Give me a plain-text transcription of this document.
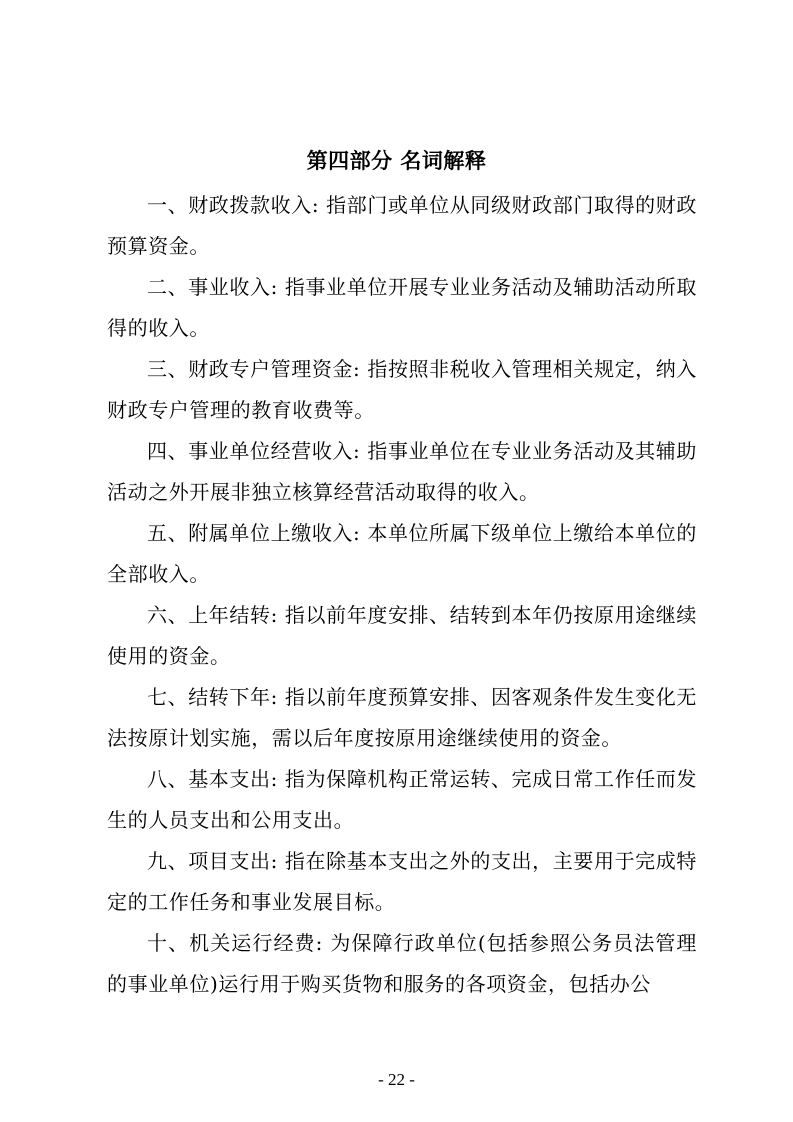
第四部分 名词解释

一、财政拨款收入: 指部门或单位从同级财政部门取得的财政预算资金。

二、事业收入: 指事业单位开展专业业务活动及辅助活动所取得的收入。

三、财政专户管理资金: 指按照非税收入管理相关规定，纳入财政专户管理的教育收费等。

四、事业单位经营收入: 指事业单位在专业业务活动及其辅助活动之外开展非独立核算经营活动取得的收入。

五、附属单位上缴收入: 本单位所属下级单位上缴给本单位的全部收入。

六、上年结转: 指以前年度安排、结转到本年仍按原用途继续使用的资金。

七、结转下年: 指以前年度预算安排、因客观条件发生变化无法按原计划实施，需以后年度按原用途继续使用的资金。

八、基本支出: 指为保障机构正常运转、完成日常工作任而发生的人员支出和公用支出。

九、项目支出: 指在除基本支出之外的支出，主要用于完成特定的工作任务和事业发展目标。

十、机关运行经费: 为保障行政单位(包括参照公务员法管理的事业单位)运行用于购买货物和服务的各项资金，包括办公

- 22 -
